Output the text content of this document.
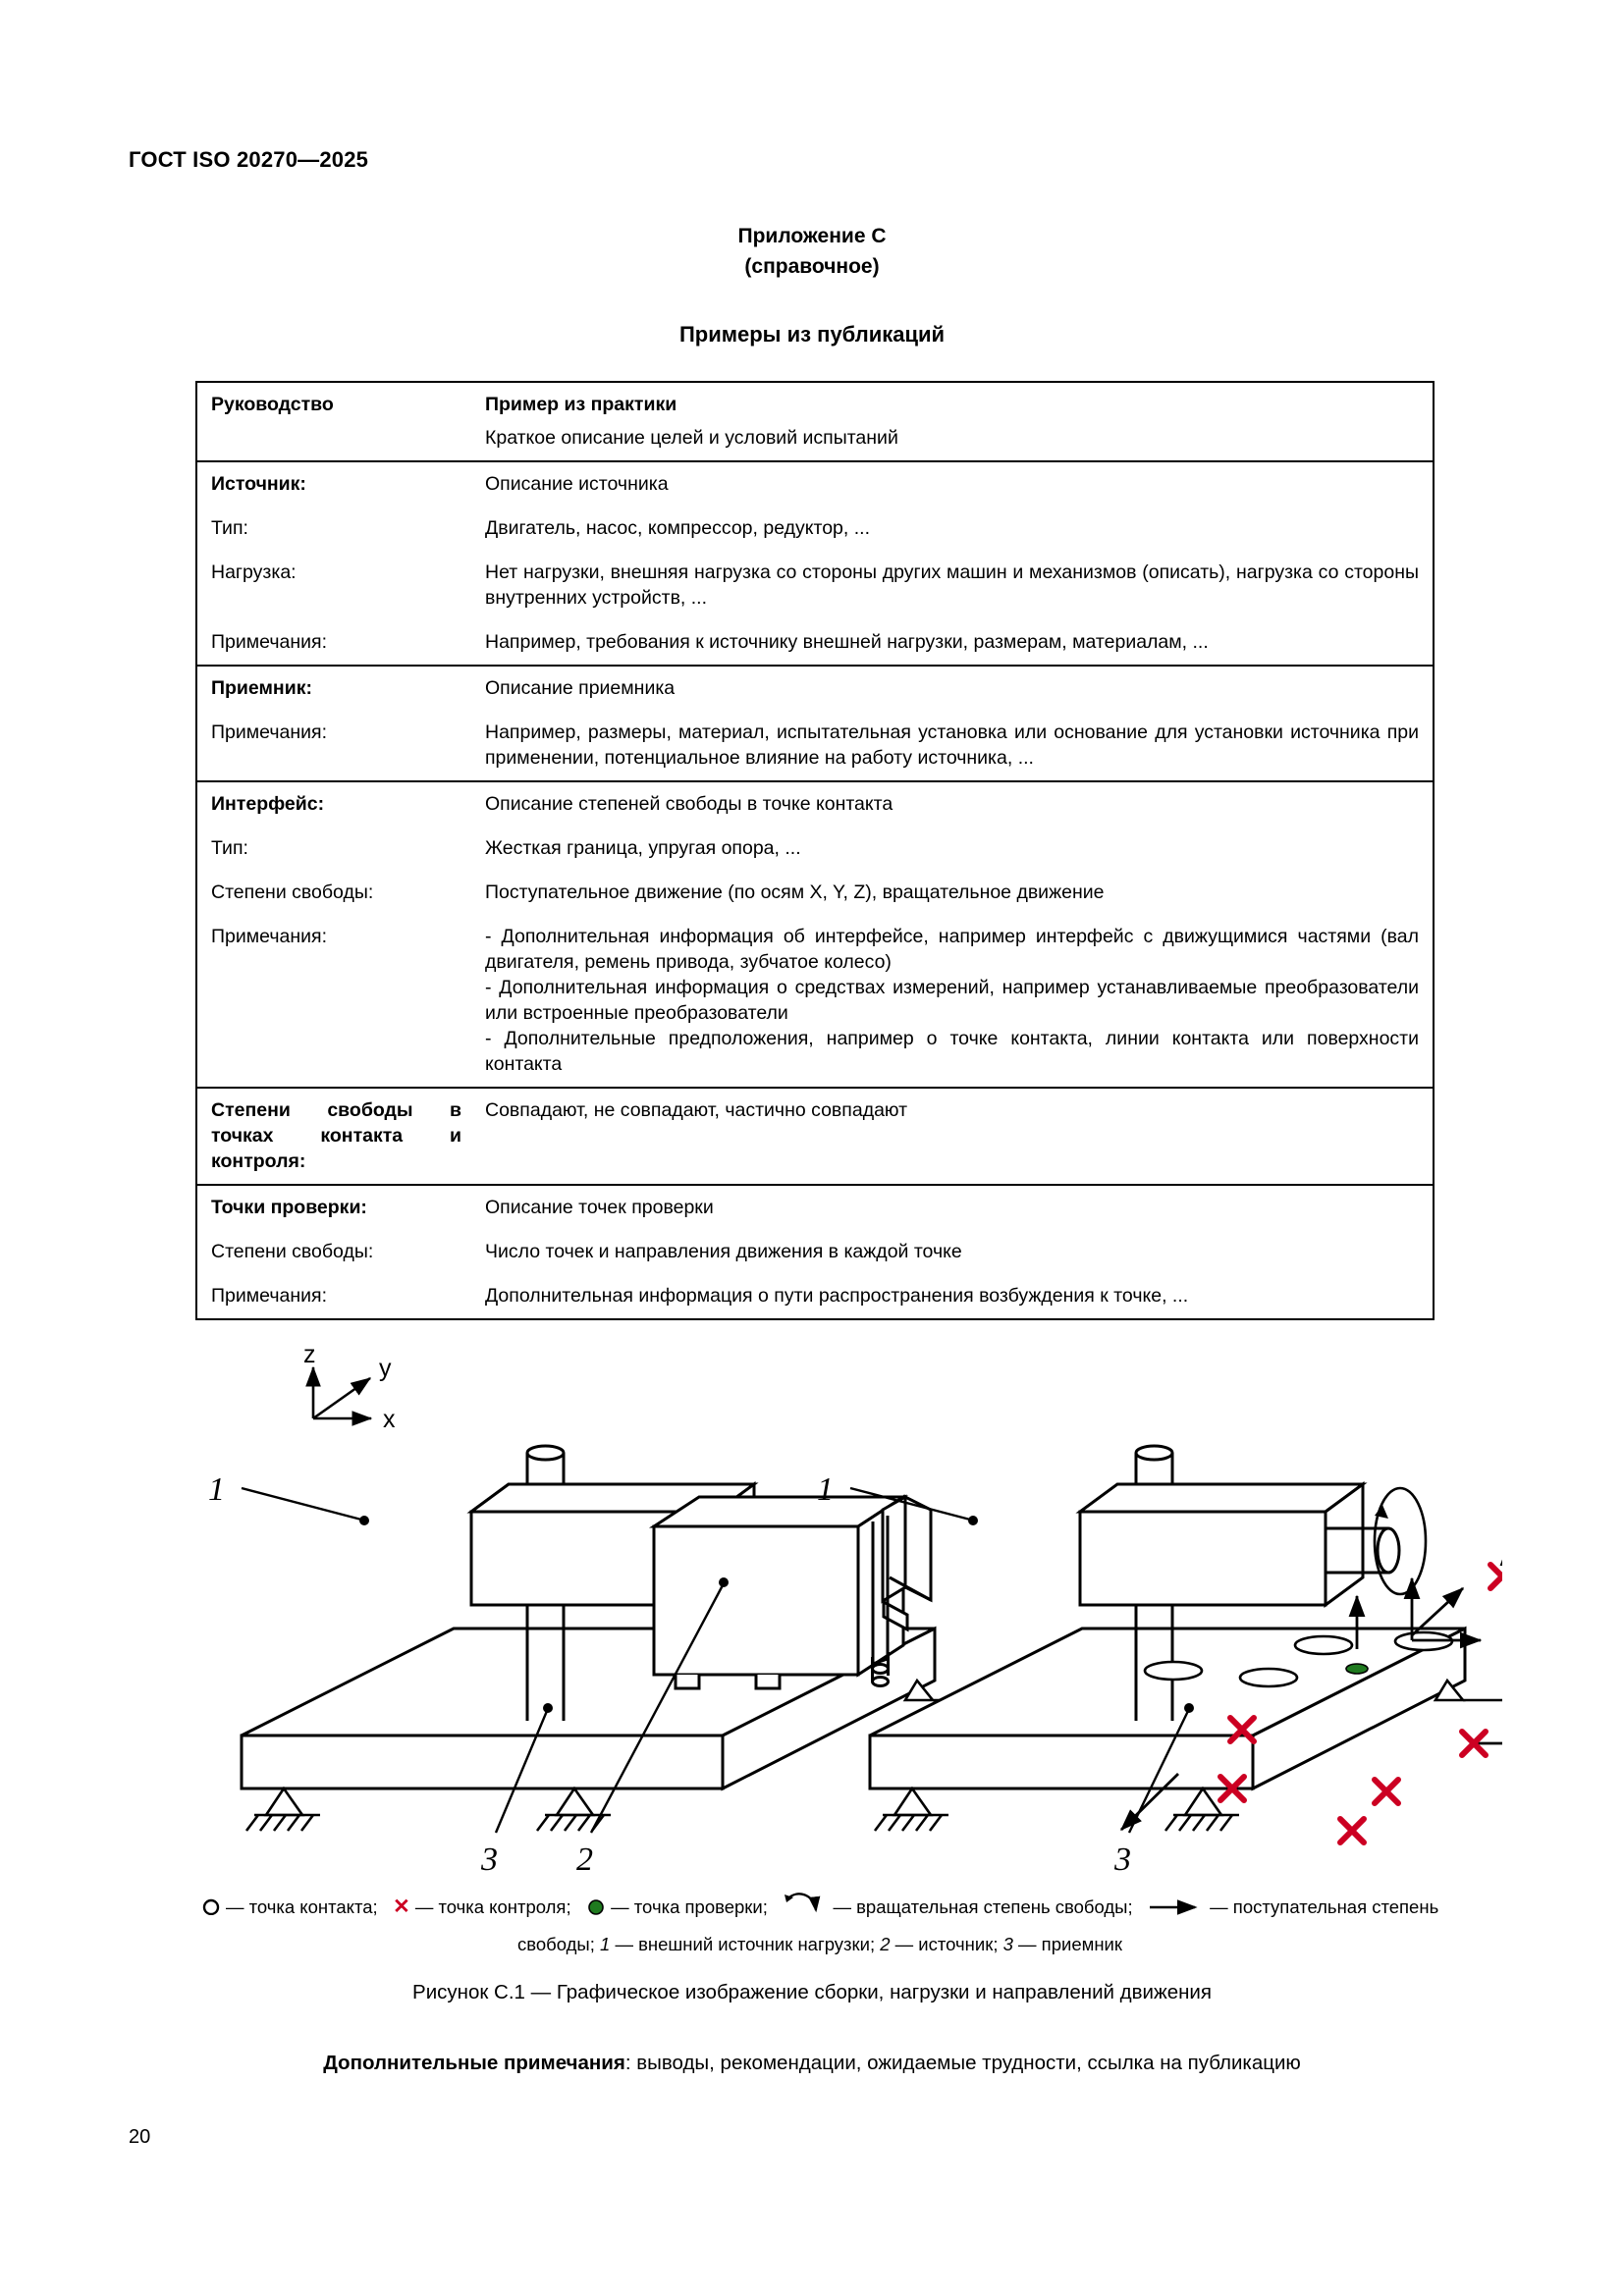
ГОСТ ISO 20270—2025
Приложение С
(справочное)
Примеры из публикаций
Руководство	Пример из практики
	Краткое описание целей и условий испытаний
Источник:	Описание источника
Тип:	Двигатель, насос, компрессор, редуктор, ...
Нагрузка:	Нет нагрузки, внешняя нагрузка со стороны других машин и механизмов (описать), нагрузка со стороны внутренних устройств, ...
Примечания:	Например, требования к источнику внешней нагрузки, размерам, материалам, ...
Приемник:	Описание приемника
Примечания:	Например, размеры, материал, испытательная установка или основание для установки источника при применении, потенциальное влияние на работу источника, ...
Интерфейс:	Описание степеней свободы в точке контакта
Тип:	Жесткая граница, упругая опора, ...
Степени свободы:	Поступательное движение (по осям X, Y, Z), вращательное движение
Примечания:	- Дополнительная информация об интерфейсе, например интерфейс с движущимися частями (вал двигателя, ремень привода, зубчатое колесо)

- Дополнительная информация о средствах измерений, например устанавливаемые преобразователи или встроенные преобразователи

- Дополнительные предположения, например о точке контакта, линии контакта или поверхности контакта

Степени свободы в точках контакта и контроля:	Совпадают, не совпадают, частично совпадают
Точки проверки:	Описание точек проверки
Степени свободы:	Число точек и направления движения в каждой точке
Примечания:	Дополнительная информация о пути распространения возбуждения к точке, ...
z	y
x
1
3 2
1
3
— точка контакта; ✕ — точка контроля; — точка проверки;	— вращательная степень свободы;	— поступательная степень свободы; 1 — внешний источник нагрузки; 2 — источник; 3 — приемник
Рисунок С.1 — Графическое изображение сборки, нагрузки и направлений движения
Дополнительные примечания: выводы, рекомендации, ожидаемые трудности, ссылка на публикацию
20
